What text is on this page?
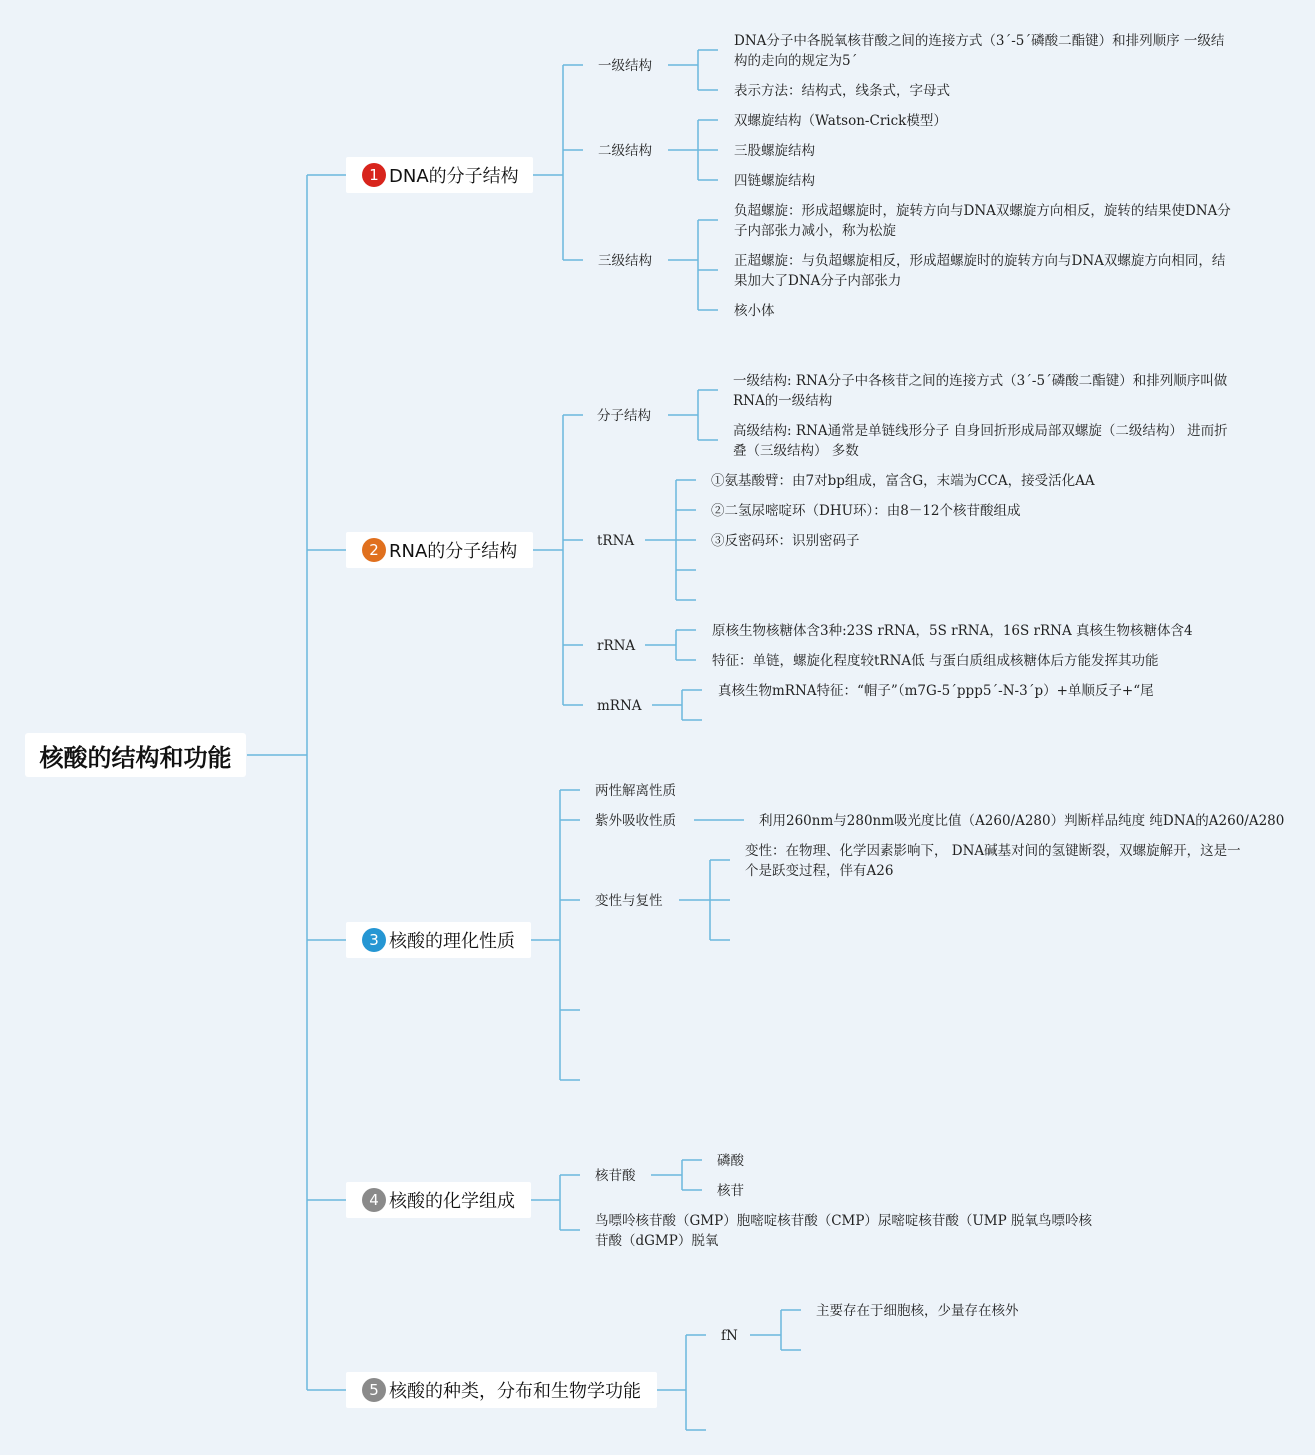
核酸的结构和功能
1 DNA的分子结构
2 RNA的分子结构
3 核酸的理化性质
4 核酸的化学组成
5 核酸的种类，分布和生物学功能
一级结构
DNA分子中各脱氧核苷酸之间的连接方式（3´-5´磷酸二酯键）和排列顺序 一级结构的走向的规定为5´
表示方法：结构式，线条式，字母式
二级结构
双螺旋结构（Watson-Crick模型）
三股螺旋结构
四链螺旋结构
三级结构
负超螺旋：形成超螺旋时，旋转方向与DNA双螺旋方向相反，旋转的结果使DNA分子内部张力减小，称为松旋
正超螺旋：与负超螺旋相反，形成超螺旋时的旋转方向与DNA双螺旋方向相同，结果加大了DNA分子内部张力
核小体
分子结构
一级结构: RNA分子中各核苷之间的连接方式（3´-5´磷酸二酯键）和排列顺序叫做RNA的一级结构
高级结构: RNA通常是单链线形分子 自身回折形成局部双螺旋（二级结构） 进而折叠（三级结构） 多数
tRNA
①氨基酸臂：由7对bp组成，富含G，末端为CCA，接受活化AA
②二氢尿嘧啶环（DHU环）：由8－12个核苷酸组成
③反密码环：识别密码子
rRNA
原核生物核糖体含3种:23S rRNA，5S rRNA，16S rRNA 真核生物核糖体含4
特征：单链，螺旋化程度较tRNA低 与蛋白质组成核糖体后方能发挥其功能
mRNA
真核生物mRNA特征：“帽子”（m7G-5´ppp5´-N-3´p）+单顺反子+“尾
两性解离性质
紫外吸收性质	利用260nm与280nm吸光度比值（A260/A280）判断样品纯度 纯DNA的A260/A280
变性与复性
变性：在物理、化学因素影响下， DNA碱基对间的氢键断裂，双螺旋解开，这是一个是跃变过程，伴有A26
核苷酸
磷酸
核苷
鸟嘌呤核苷酸（GMP）胞嘧啶核苷酸（CMP）尿嘧啶核苷酸（UMP 脱氧鸟嘌呤核苷酸（dGMP）脱氧
fN
主要存在于细胞核，少量存在核外
